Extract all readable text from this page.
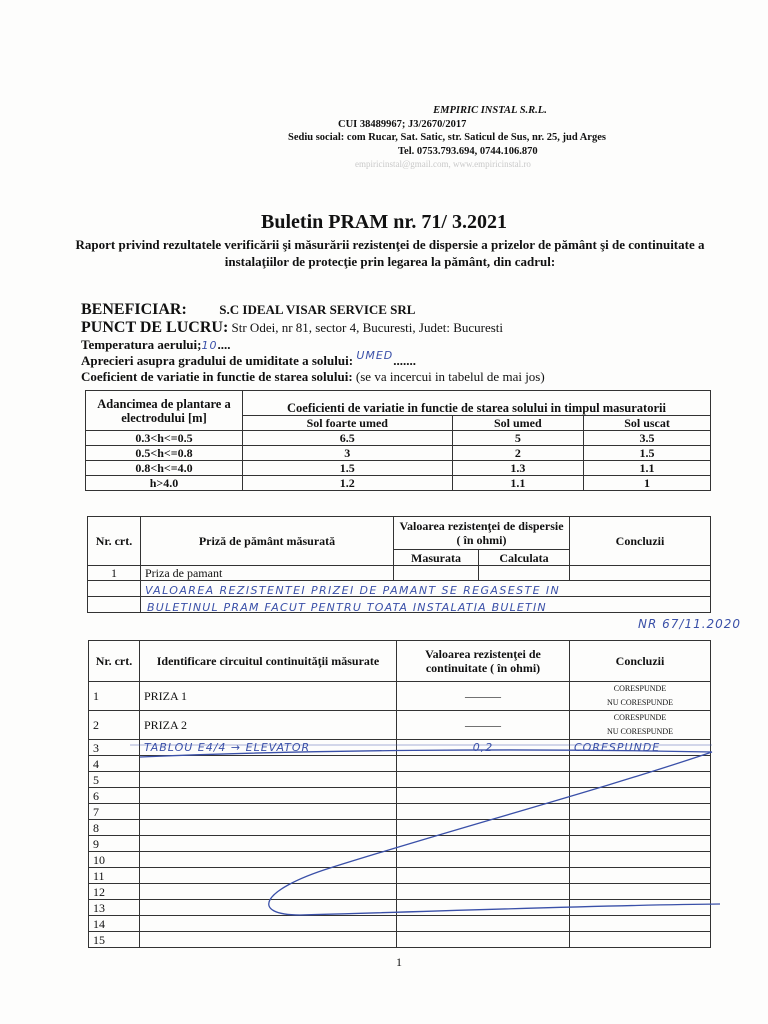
EMPIRIC INSTAL S.R.L.
CUI 38489967; J3/2670/2017
Sediu social: com Rucar, Sat. Satic, str. Saticul de Sus, nr. 25, jud Arges
Tel. 0753.793.694, 0744.106.870
empiricinstal@gmail.com, www.empiricinstal.ro
Buletin PRAM nr. 71/ 3.2021
Raport privind rezultatele verificării şi măsurării rezistenţei de dispersie a prizelor de pământ şi de continuitate a instalaţiilor de protecţie prin legarea la pământ, din cadrul:
BENEFICIAR:	S.C IDEAL VISAR SERVICE SRL
PUNCT DE LUCRU: Str Odei, nr 81, sector 4, Bucuresti, Judet: Bucuresti
Temperatura aerului;10....
Aprecieri asupra gradului de umiditate a solului: $^{UMED}$.......
Coeficient de variatie in functie de starea solului: (se va incercui in tabelul de mai jos)
Adancimea de plantare a electrodului [m]	Coeficienti de variatie in functie de starea solului in timpul masuratorii		
	Sol foarte umed	Sol umed	Sol uscat
0.3<h<=0.5	6.5	5	3.5
0.5<h<=0.8	3	2	1.5
0.8<h<=4.0	1.5	1.3	1.1
h>4.0	1.2	1.1	1
Nr. crt.	Priză de pământ măsurată	Valoarea rezistenţei de dispersie ( în ohmi)		Concluzii
		Masurata	Calculata	
1	Priza de pamant			

VALOAREA REZISTENTEI PRIZEI DE PAMANT SE REGASESTE IN
BULETINUL PRAM FACUT PENTRU TOATA INSTALATIA BULETIN
NR 67/11.2020
Nr. crt.	Identificare circuitul continuităţii măsurate	Valoarea rezistenţei de continuitate ( în ohmi)	Concluzii
1	PRIZA 1	———	CORESPUNDE
NU CORESPUNDE

2	PRIZA 2	———	CORESPUNDE
NU CORESPUNDE

3	TABLOU E4/4 → ELEVATOR	0,2	CORESPUNDE
4			
5			
6			
7			
8			
9			
10			
11			
12			
13			
14			
15			
1
